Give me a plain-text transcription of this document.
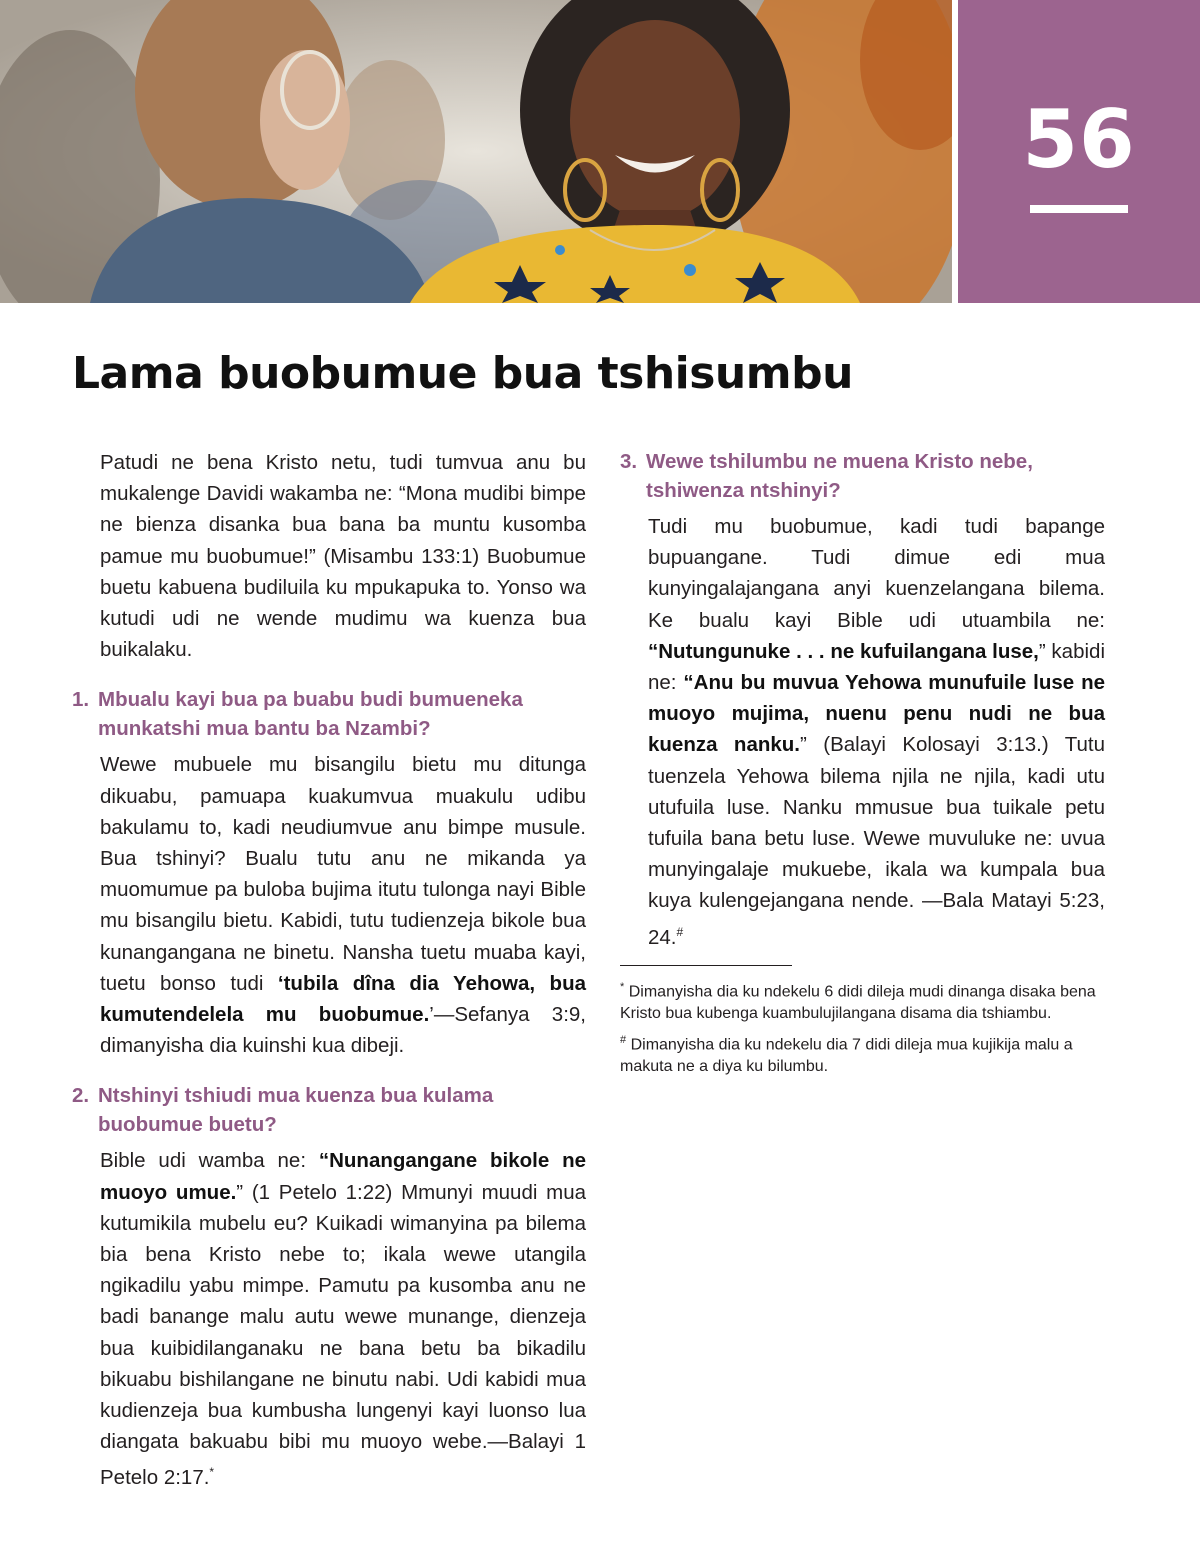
56
Lama buobumue bua tshisumbu

Patudi ne bena Kristo netu, tudi tumvua anu bu mukalenge Davidi wakamba ne: “Mona mudibi bimpe ne bienza disanka bua bana ba muntu kusomba pamue mu buobumue!” (Misambu 133:1) Buobumue buetu kabuena budiluila ku mpukapuka to. Yonso wa kutudi udi ne wende mudimu wa kuenza bua buikalaku.

1. Mbualu kayi bua pa buabu budi bumueneka munkatshi mua bantu ba Nzambi?

Wewe mubuele mu bisangilu bietu mu ditunga dikuabu, pamuapa kuakumvua muakulu udibu bakulamu to, kadi neudiumvue anu bimpe musule. Bua tshinyi? Bualu tutu anu ne mikanda ya muomumue pa buloba bujima itutu tulonga nayi Bible mu bisangilu bietu. Kabidi, tutu tudienzeja bikole bua kunangangana ne binetu. Nansha tuetu muaba kayi, tuetu bonso tudi ‘tubila dîna dia Yehowa, bua kumutendelela mu buobumue.’—Sefanya 3:9, dimanyisha dia kuinshi kua dibeji.

2. Ntshinyi tshiudi mua kuenza bua kulama buobumue buetu?

Bible udi wamba ne: “Nunangangane bikole ne muoyo umue.” (1 Petelo 1:22) Mmunyi muudi mua kutumikila mubelu eu? Kuikadi wimanyina pa bilema bia bena Kristo nebe to; ikala wewe utangila ngikadilu yabu mimpe. Pamutu pa kusomba anu ne badi banange malu autu wewe munange, dienzeja bua kuibidilanganaku ne bana betu ba bikadilu bikuabu bishilangane ne binutu nabi. Udi kabidi mua kudienzeja bua kumbusha lungenyi kayi luonso lua diangata bakuabu bibi mu muoyo webe.—Balayi 1 Petelo 2:17.*

3. Wewe tshilumbu ne muena Kristo nebe, tshiwenza ntshinyi?

Tudi mu buobumue, kadi tudi bapange bupuangane. Tudi dimue edi mua kunyingalajangana anyi kuenzelangana bilema. Ke bualu kayi Bible udi utuambila ne: “Nutungunuke . . . ne kufuilangana luse,” kabidi ne: “Anu bu muvua Yehowa munufuile luse ne muoyo mujima, nuenu penu nudi ne bua kuenza nanku.” (Balayi Kolosayi 3:13.) Tutu tuenzela Yehowa bilema njila ne njila, kadi utu utufuila luse. Nanku mmusue bua tuikale petu tufuila bana betu luse. Wewe muvuluke ne: uvua munyingalaje mukuebe, ikala wa kumpala bua kuya kulengejangana nende. —Bala Matayi 5:23, 24.#

* Dimanyisha dia ku ndekelu 6 didi dileja mudi dinanga disaka bena Kristo bua kubenga kuambulujilangana disama dia tshiambu.

# Dimanyisha dia ku ndekelu dia 7 didi dileja mua kujikija malu a makuta ne a diya ku bilumbu.
